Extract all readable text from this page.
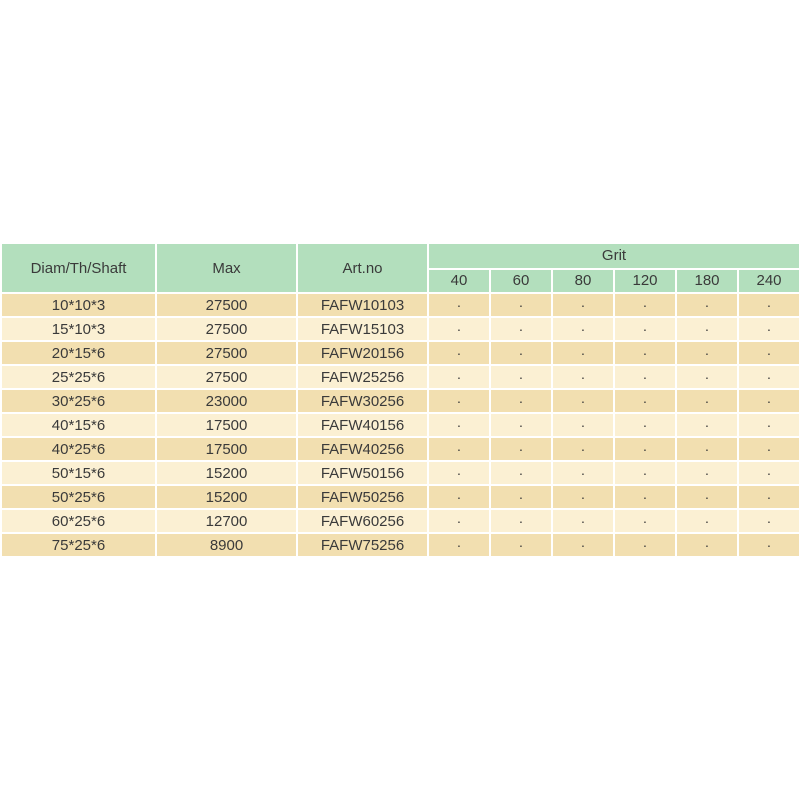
Diam/Th/Shaft	Max	Art.no	Grit					
			40	60	80	120	180	240
10*10*3	27500	FAFW10103	·	·	·	·	·	·
15*10*3	27500	FAFW15103	·	·	·	·	·	·
20*15*6	27500	FAFW20156	·	·	·	·	·	·
25*25*6	27500	FAFW25256	·	·	·	·	·	·
30*25*6	23000	FAFW30256	·	·	·	·	·	·
40*15*6	17500	FAFW40156	·	·	·	·	·	·
40*25*6	17500	FAFW40256	·	·	·	·	·	·
50*15*6	15200	FAFW50156	·	·	·	·	·	·
50*25*6	15200	FAFW50256	·	·	·	·	·	·
60*25*6	12700	FAFW60256	·	·	·	·	·	·
75*25*6	8900	FAFW75256	·	·	·	·	·	·
